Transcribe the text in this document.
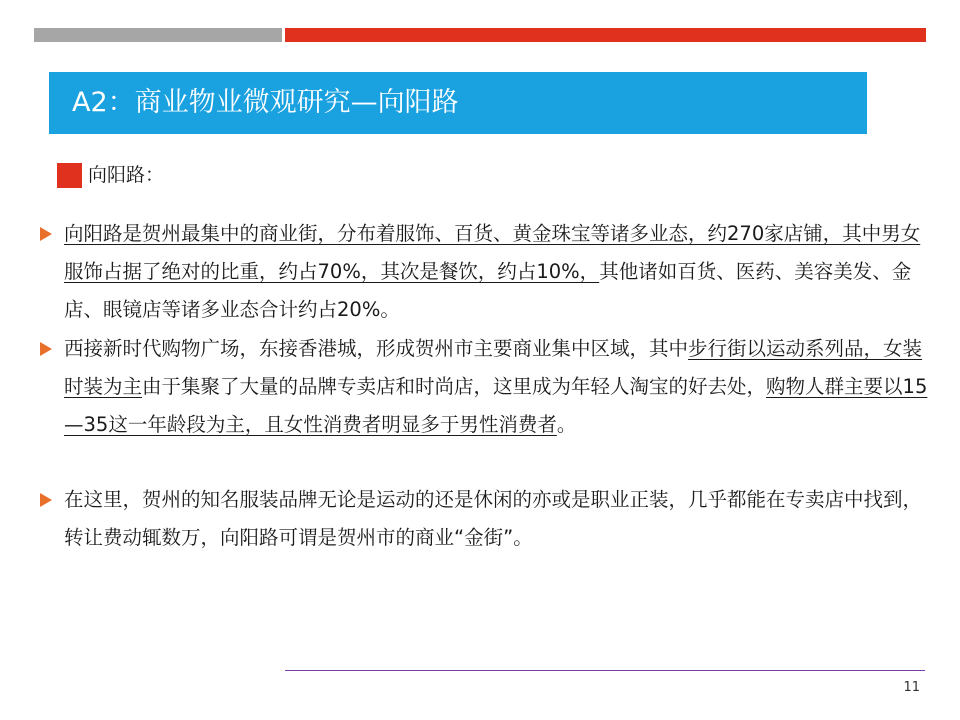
A2：商业物业微观研究—向阳路
向阳路：

向阳路是贺州最集中的商业街，分布着服饰、百货、黄金珠宝等诸多业态，约270家店铺，其中男女服饰占据了绝对的比重，约占70%，其次是餐饮，约占10%，其他诸如百货、医药、美容美发、金店、眼镜店等诸多业态合计约占20%。

西接新时代购物广场，东接香港城，形成贺州市主要商业集中区域，其中步行街以运动系列品，女装时装为主由于集聚了大量的品牌专卖店和时尚店，这里成为年轻人淘宝的好去处，购物人群主要以15—35这一年龄段为主，且女性消费者明显多于男性消费者。

在这里，贺州的知名服装品牌无论是运动的还是休闲的亦或是职业正装，几乎都能在专卖店中找到，转让费动辄数万，向阳路可谓是贺州市的商业“金街”。

11
